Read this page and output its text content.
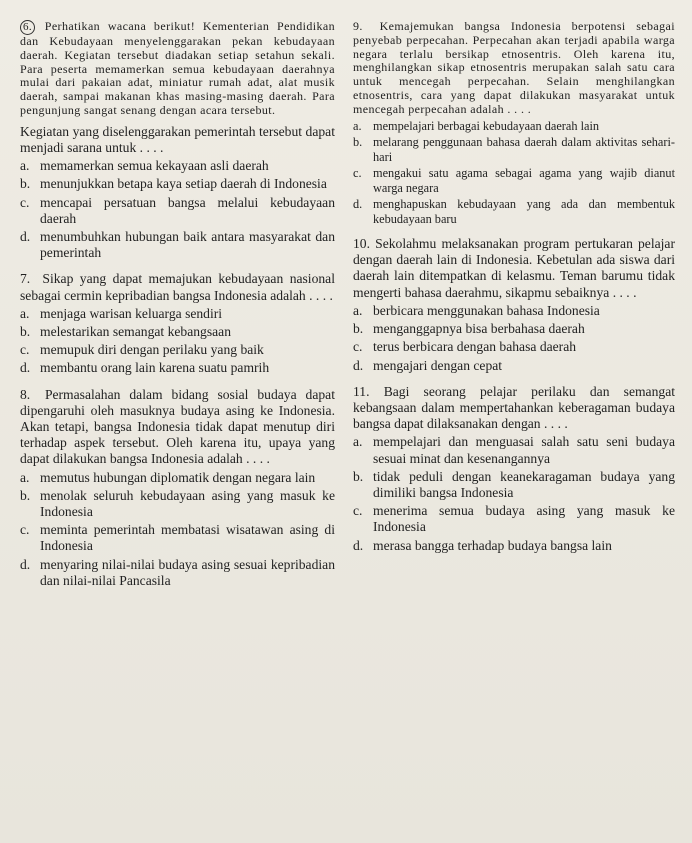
6. Perhatikan wacana berikut! Kementerian Pendidikan dan Kebudayaan menyelenggarakan pekan kebudayaan daerah. Kegiatan tersebut diadakan setiap setahun sekali. Para peserta memamerkan semua kebudayaan daerahnya mulai dari pakaian adat, miniatur rumah adat, alat musik daerah, sampai makanan khas masing-masing daerah. Para pengunjung sangat senang dengan acara tersebut.
Kegiatan yang diselenggarakan pemerintah tersebut dapat menjadi sarana untuk . . . .
a. memamerkan semua kekayaan asli daerah
b. menunjukkan betapa kaya setiap daerah di Indonesia
c. mencapai persatuan bangsa melalui kebudayaan daerah
d. menumbuhkan hubungan baik antara masyarakat dan pemerintah
7. Sikap yang dapat memajukan kebudayaan nasional sebagai cermin kepribadian bangsa Indonesia adalah . . . .
a. menjaga warisan keluarga sendiri
b. melestarikan semangat kebangsaan
c. memupuk diri dengan perilaku yang baik
d. membantu orang lain karena suatu pamrih
8. Permasalahan dalam bidang sosial budaya dapat dipengaruhi oleh masuknya budaya asing ke Indonesia. Akan tetapi, bangsa Indonesia tidak dapat menutup diri terhadap aspek tersebut. Oleh karena itu, upaya yang dapat dilakukan bangsa Indonesia adalah . . . .
a. memutus hubungan diplomatik dengan negara lain
b. menolak seluruh kebudayaan asing yang masuk ke Indonesia
c. meminta pemerintah membatasi wisatawan asing di Indonesia
d. menyaring nilai-nilai budaya asing sesuai kepribadian dan nilai-nilai Pancasila
9. Kemajemukan bangsa Indonesia berpotensi sebagai penyebab perpecahan. Perpecahan akan terjadi apabila warga negara terlalu bersikap etnosentris. Oleh karena itu, menghilangkan sikap etnosentris merupakan salah satu cara untuk mencegah perpecahan. Selain menghilangkan etnosentris, cara yang dapat dilakukan masyarakat untuk mencegah perpecahan adalah . . . .
a. mempelajari berbagai kebudayaan daerah lain
b. melarang penggunaan bahasa daerah dalam aktivitas sehari-hari
c. mengakui satu agama sebagai agama yang wajib dianut warga negara
d. menghapuskan kebudayaan yang ada dan membentuk kebudayaan baru
10. Sekolahmu melaksanakan program pertukaran pelajar dengan daerah lain di Indonesia. Kebetulan ada siswa dari daerah lain ditempatkan di kelasmu. Teman barumu tidak mengerti bahasa daerahmu, sikapmu sebaiknya . . . .
a. berbicara menggunakan bahasa Indonesia
b. menganggapnya bisa berbahasa daerah
c. terus berbicara dengan bahasa daerah
d. mengajari dengan cepat
11. Bagi seorang pelajar perilaku dan semangat kebangsaan dalam mempertahankan keberagaman budaya bangsa dapat dilaksanakan dengan . . . .
a. mempelajari dan menguasai salah satu seni budaya sesuai minat dan kesenangannya
b. tidak peduli dengan keanekaragaman budaya yang dimiliki bangsa Indonesia
c. menerima semua budaya asing yang masuk ke Indonesia
d. merasa bangga terhadap budaya bangsa lain
